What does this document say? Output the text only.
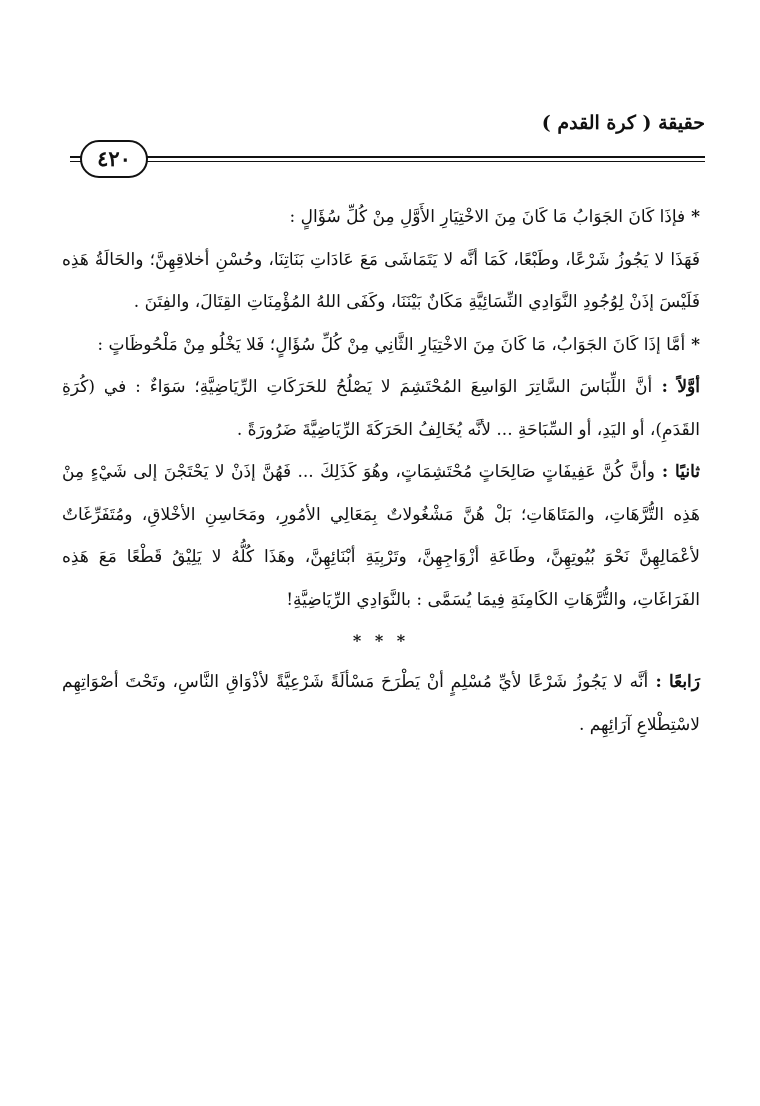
حقيقة ( كرة القدم )
٤٢٠

* فإذَا كَانَ الجَوَابُ مَا كَانَ مِنَ الاخْتِيَارِ الأَوَّلِ مِنْ كُلِّ سُؤَالٍ :

فَهَذَا لا يَجُوزُ شَرْعًا، وطَبْعًا، كَمَا أنَّه لا يَتَمَاشَى مَعَ عَادَاتِ بَنَاتِنَا، وحُسْنِ أخلاقِهِنَّ؛ والحَالَةُ هَذِه فَلَيْسَ إذَنْ لِوُجُودِ النَّوَادِي النِّسَائِيَّةِ مَكَانٌ بَيْنَنَا، وكَفَى اللهُ المُؤْمِنَاتِ القِتَالَ، والفِتَنَ .

* أمَّا إذَا كَانَ الجَوَابُ، مَا كَانَ مِنَ الاخْتِيَارِ الثَّانِي مِنْ كُلِّ سُؤَالٍ؛ فَلا يَخْلُو مِنْ مَلْحُوظَاتٍ :

أوَّلاً : أنَّ اللِّبَاسَ السَّاتِرَ الوَاسِعَ المُحْتَشِمَ لا يَصْلُحُ للحَرَكَاتِ الرِّيَاضِيَّةِ؛ سَوَاءٌ : في (كُرَةِ القَدَمِ)، أو اليَدِ، أو السِّبَاحَةِ ... لأنَّه يُخَالِفُ الحَرَكَةَ الرِّيَاضِيَّةَ ضَرُورَةً .

ثانيًا : وأنَّ كُنَّ عَفِيفَاتٍ صَالِحَاتٍ مُحْتَشِمَاتٍ، وهُوَ كَذَلِكَ ... فَهُنَّ إذَنْ لا يَحْتَجْنَ إلى شَيْءٍ مِنْ هَذِه التُّرَّهَاتِ، والمَتَاهَاتِ؛ بَلْ هُنَّ مَشْغُولاتٌ بِمَعَالِي الأمُورِ، ومَحَاسِنِ الأخْلاقِ، ومُتَفَرِّغَاتٌ لأعْمَالِهِنَّ نَحْوَ بُيُوتِهِنَّ، وطَاعَةِ أزْوَاجِهِنَّ، وتَرْبِيَةِ أبْنَائِهِنَّ، وهَذَا كُلُّهُ لا يَلِيْقُ قَطْعًا مَعَ هَذِه الفَرَاغَاتِ، والتُّرَّهَاتِ الكَامِنَةِ فِيمَا يُسَمَّى : بالنَّوَادِي الرِّيَاضِيَّةِ!

* * *

رَابعًا : أنَّه لا يَجُوزُ شَرْعًا لأيِّ مُسْلِمٍ أنْ يَطْرَحَ مَسْألَةً شَرْعِيَّةً لأذْوَاقِ النَّاسِ، وتَحْتَ أصْوَاتِهِم لاسْتِطْلاعِ آرَائِهِم .
